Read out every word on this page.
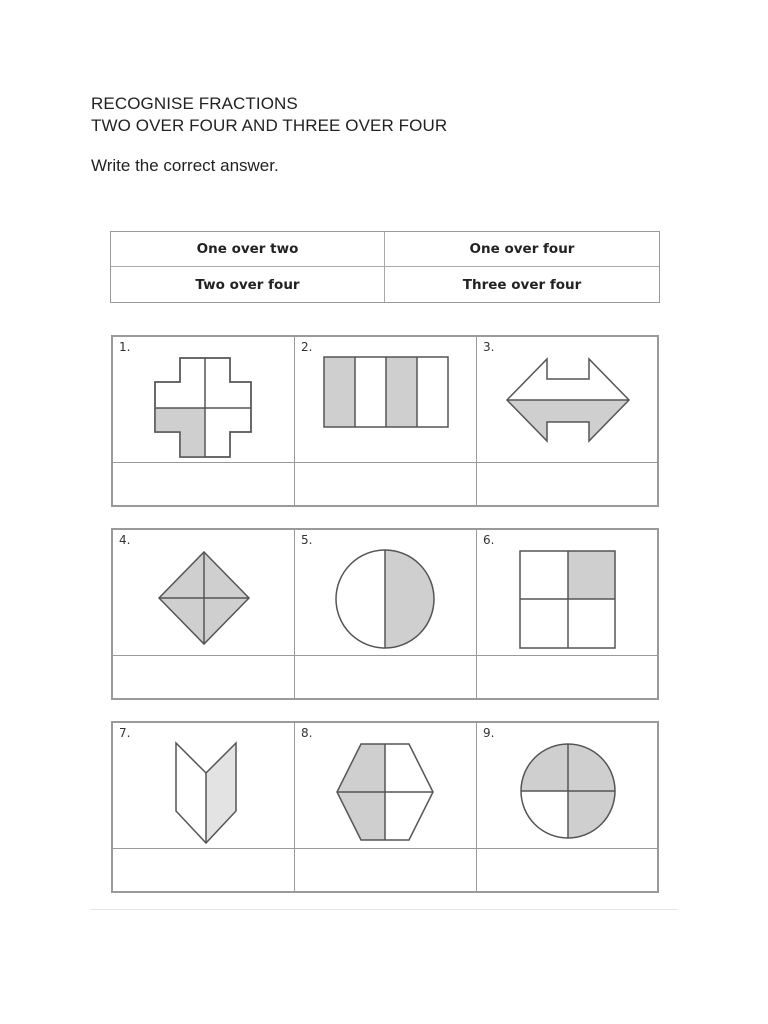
RECOGNISE FRACTIONS
TWO OVER FOUR AND THREE OVER FOUR
Write the correct answer.
One over two	One over four
Two over four	Three over four
1.	2.	3.
4.	5.	6.
7.	8.	9.
